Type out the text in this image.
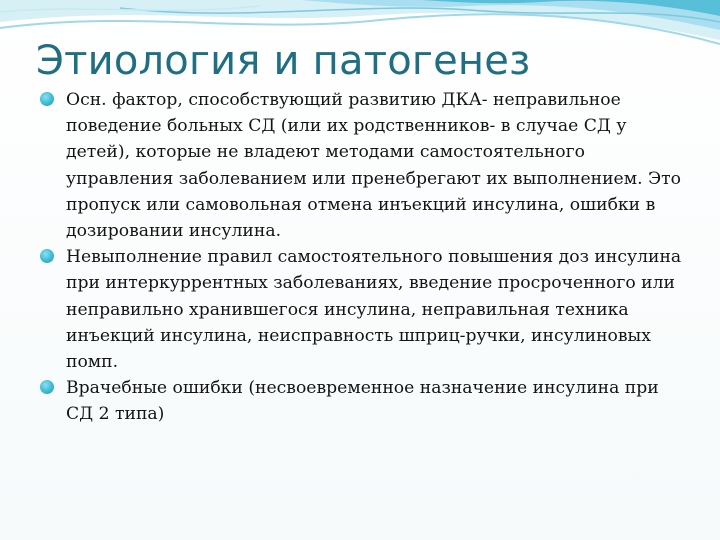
Этиология и патогенез
Осн. фактор, способствующий развитию ДКА- неправильное поведение больных СД (или их родственников- в случае СД у детей), которые не владеют методами самостоятельного управления заболеванием или пренебрегают их выполнением. Это пропуск или самовольная отмена инъекций инсулина, ошибки в дозировании инсулина.
Невыполнение правил самостоятельного повышения доз инсулина при интеркуррентных заболеваниях, введение просроченного или неправильно хранившегося инсулина, неправильная техника инъекций инсулина, неисправность шприц-ручки, инсулиновых помп.
Врачебные ошибки (несвоевременное назначение инсулина при СД 2 типа)
